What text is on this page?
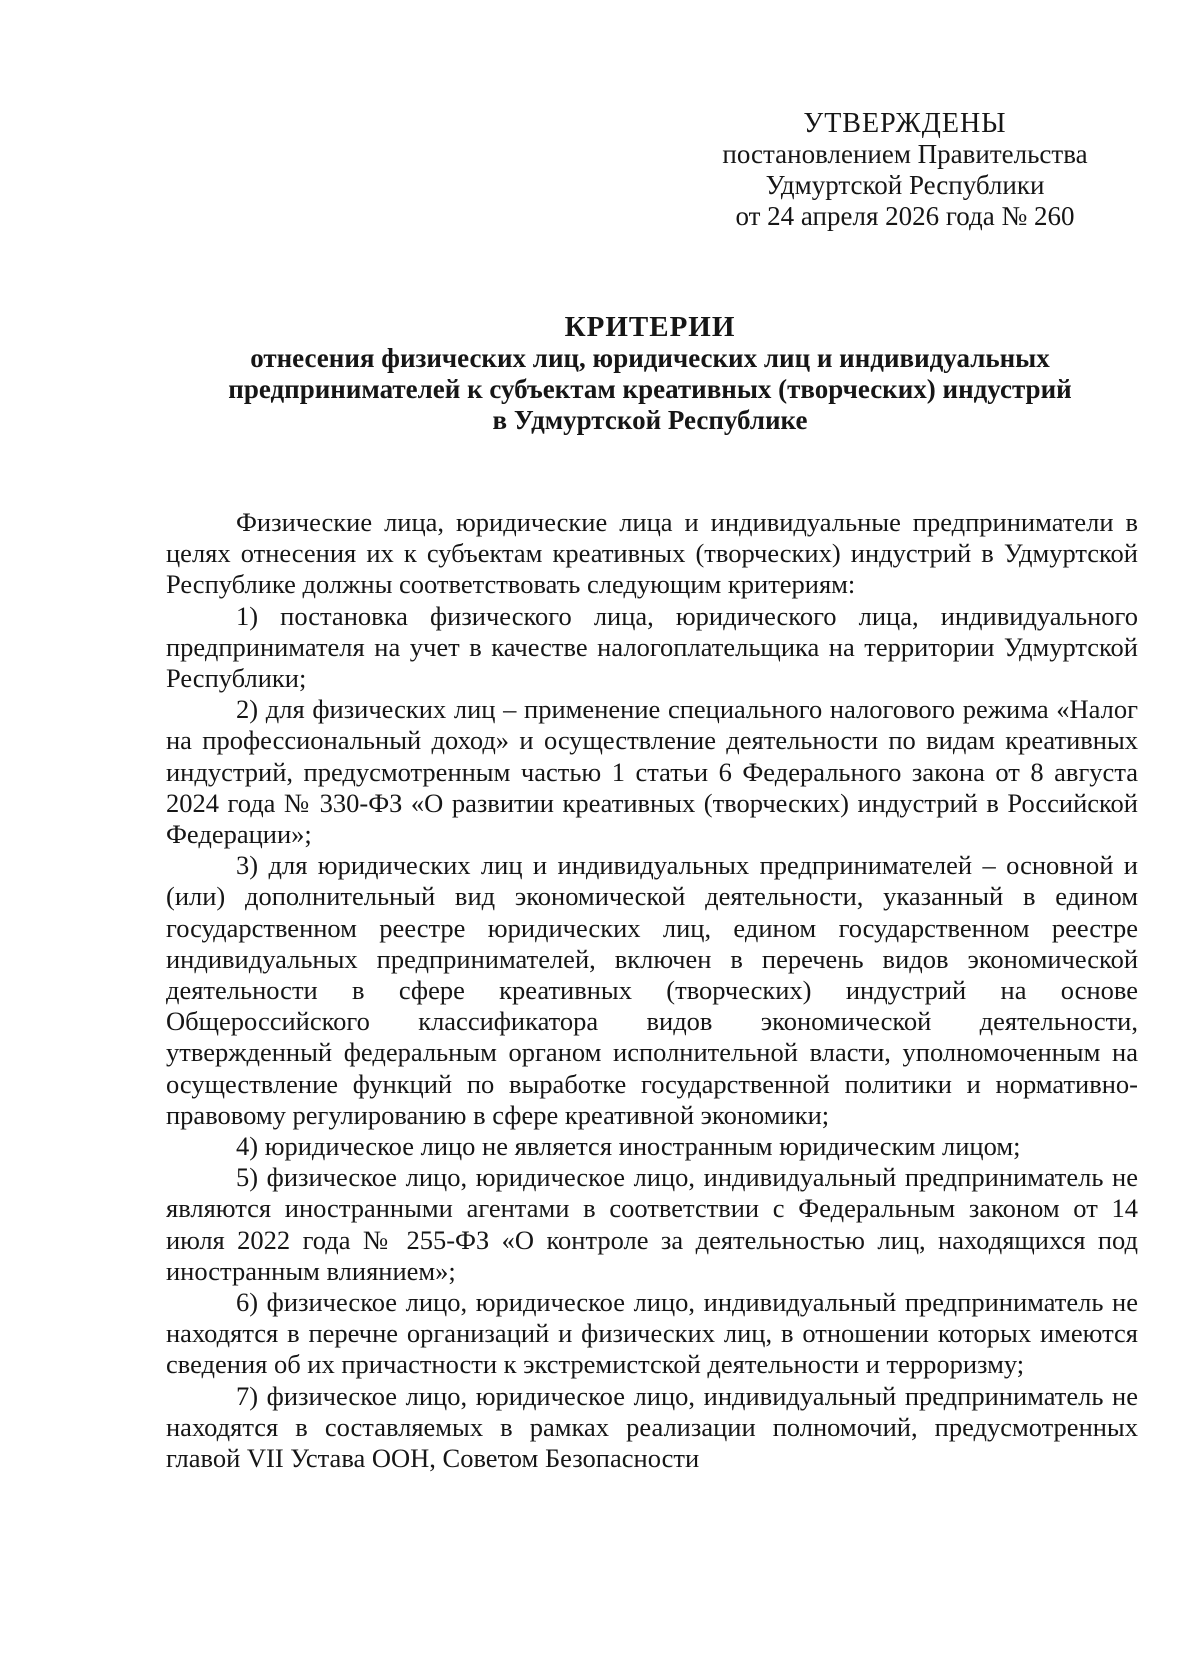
УТВЕРЖДЕНЫ
постановлением Правительства
Удмуртской Республики
от 24 апреля 2026 года № 260
КРИТЕРИИ
отнесения физических лиц, юридических лиц и индивидуальных
предпринимателей к субъектам креативных (творческих) индустрий
в Удмуртской Республике

Физические лица, юридические лица и индивидуальные предприниматели в целях отнесения их к субъектам креативных (творческих) индустрий в Удмуртской Республике должны соответствовать следующим критериям:

1) постановка физического лица, юридического лица, индивидуального предпринимателя на учет в качестве налогоплательщика на территории Удмуртской Республики;

2) для физических лиц – применение специального налогового режима «Налог на профессиональный доход» и осуществление деятельности по видам креативных индустрий, предусмотренным частью 1 статьи 6 Федерального закона от 8 августа 2024 года № 330-ФЗ «О развитии креативных (творческих) индустрий в Российской Федерации»;

3) для юридических лиц и индивидуальных предпринимателей – основной и (или) дополнительный вид экономической деятельности, указанный в едином государственном реестре юридических лиц, едином государственном реестре индивидуальных предпринимателей, включен в перечень видов экономической деятельности в сфере креативных (творческих) индустрий на основе Общероссийского классификатора видов экономической деятельности, утвержденный федеральным органом исполнительной власти, уполномоченным на осуществление функций по выработке государственной политики и нормативно-правовому регулированию в сфере креативной экономики;

4) юридическое лицо не является иностранным юридическим лицом;

5) физическое лицо, юридическое лицо, индивидуальный предприниматель не являются иностранными агентами в соответствии с Федеральным законом от 14 июля 2022 года № 255-ФЗ «О контроле за деятельностью лиц, находящихся под иностранным влиянием»;

6) физическое лицо, юридическое лицо, индивидуальный предприниматель не находятся в перечне организаций и физических лиц, в отношении которых имеются сведения об их причастности к экстремистской деятельности и терроризму;

7) физическое лицо, юридическое лицо, индивидуальный предприниматель не находятся в составляемых в рамках реализации полномочий, предусмотренных главой VII Устава ООН, Советом Безопасности
